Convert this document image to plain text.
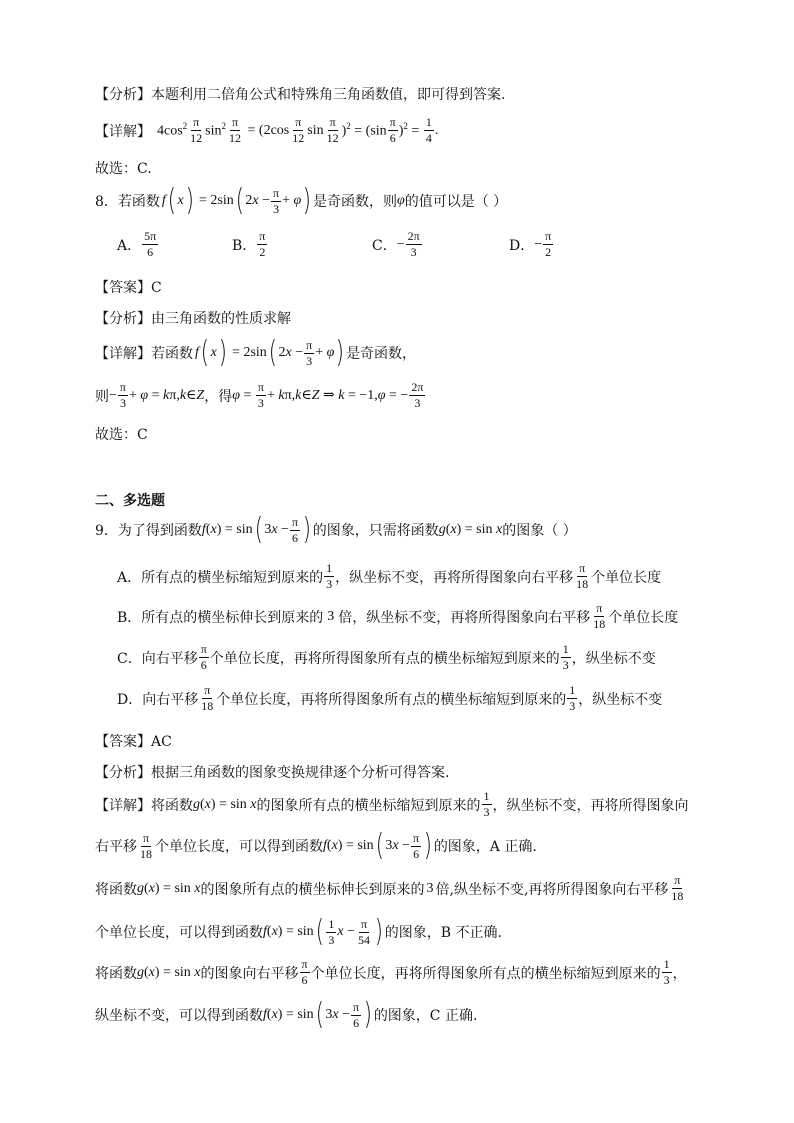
【分析】本题利用二倍角公式和特殊角三角函数值，即可得到答案.
【详解】 $4\cos^2 \frac{\pi}{12} \sin^2 \frac{\pi}{12} = (2\cos \frac{\pi}{12}$ $\sin \frac{\pi}{12} )^2 = (\sin \frac{\pi}{6} )^2 = \frac{1}{4}$ .
故选：C.
8．若函数 f ( x ) = 2sin ( $2x - \frac{\pi}{3} + \varphi$ ) 是奇函数，则 φ 的值可以是（ ）
A． $\frac{5\pi}{6}$	B． $\frac{\pi}{2}$	C． − $\frac{2\pi}{3}$	D． − $\frac{\pi}{2}$
【答案】C
【分析】由三角函数的性质求解
【详解】 若函数 f ( x ) = 2sin ( $2x - \frac{\pi}{3} + \varphi$ ) 是奇函数，
则 − $\frac{\pi}{3} + \varphi$ = kπ,k∈Z ，得 $\varphi = \frac{\pi}{3}$ + kπ,k∈Z ⇒ k = −1,φ = − $\frac{2\pi}{3}$
故选：C
二、多选题
9．为了得到函数 f(x) = sin ( $3x - \frac{\pi}{6}$ ) 的图象，只需将函数 g(x) = sin x 的图象（ ）
A．所有点的横坐标缩短到原来的 $\frac{1}{3}$ ，纵坐标不变，再将所得图象向右平移 $\frac{\pi}{18}$ 个单位长度
B．所有点的横坐标伸长到原来的 3 倍，纵坐标不变，再将所得图象向右平移 $\frac{\pi}{18}$ 个单位长度
C．向右平移 $\frac{\pi}{6}$ 个单位长度，再将所得图象所有点的横坐标缩短到原来的 $\frac{1}{3}$ ，纵坐标不变
D．向右平移 $\frac{\pi}{18}$ 个单位长度，再将所得图象所有点的横坐标缩短到原来的 $\frac{1}{3}$ ，纵坐标不变
【答案】AC
【分析】根据三角函数的图象变换规律逐个分析可得答案.
【详解】 将函数 g(x) = sin x 的图象所有点的横坐标缩短到原来的 $\frac{1}{3}$ ，纵坐标不变，再将所得图象向
右平移 $\frac{\pi}{18}$ 个单位长度，可以得到函数 f(x) = sin ( $3x - \frac{\pi}{6}$ ) 的图象，A 正确.
将函数 g(x) = sin x 的图象所有点的横坐标伸长到原来的 3 倍,纵坐标不变,再将所得图象向右平移 $\frac{\pi}{18}$
个单位长度，可以得到函数 f(x) = sin ( $\frac{1}{3}$ $x - \frac{\pi}{54}$ ) 的图象，B 不正确.
将函数 g(x) = sin x 的图象向右平移 $\frac{\pi}{6}$ 个单位长度，再将所得图象所有点的横坐标缩短到原来的 $\frac{1}{3}$ ，
纵坐标不变，可以得到函数 f(x) = sin ( $3x - \frac{\pi}{6}$ ) 的图象，C 正确.
